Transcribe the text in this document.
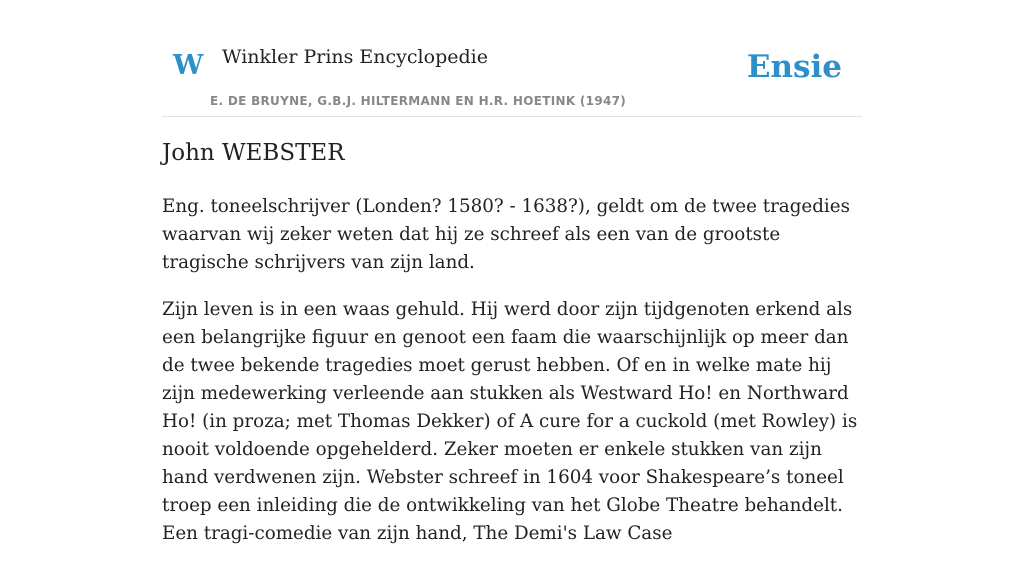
W Winkler Prins Encyclopedie
E. DE BRUYNE, G.B.J. HILTERMANN EN H.R. HOETINK (1947)
Ensie
John WEBSTER

Eng. toneelschrijver (Londen? 1580? - 1638?), geldt om de twee tragedies waarvan wij zeker weten dat hij ze schreef als een van de grootste tragische schrijvers van zijn land.

Zijn leven is in een waas gehuld. Hij werd door zijn tijdgenoten erkend als een belangrijke figuur en genoot een faam die waarschijnlijk op meer dan de twee bekende tragedies moet gerust hebben. Of en in welke mate hij zijn medewerking verleende aan stukken als Westward Ho! en Northward Ho! (in proza; met Thomas Dekker) of A cure for a cuckold (met Rowley) is nooit voldoende opgehelderd. Zeker moeten er enkele stukken van zijn hand verdwenen zijn. Webster schreef in 1604 voor Shakespeare’s toneel troep een inleiding die de ontwikkeling van het Globe Theatre behandelt. Een tragi-comedie van zijn hand, The Demi's Law Case
